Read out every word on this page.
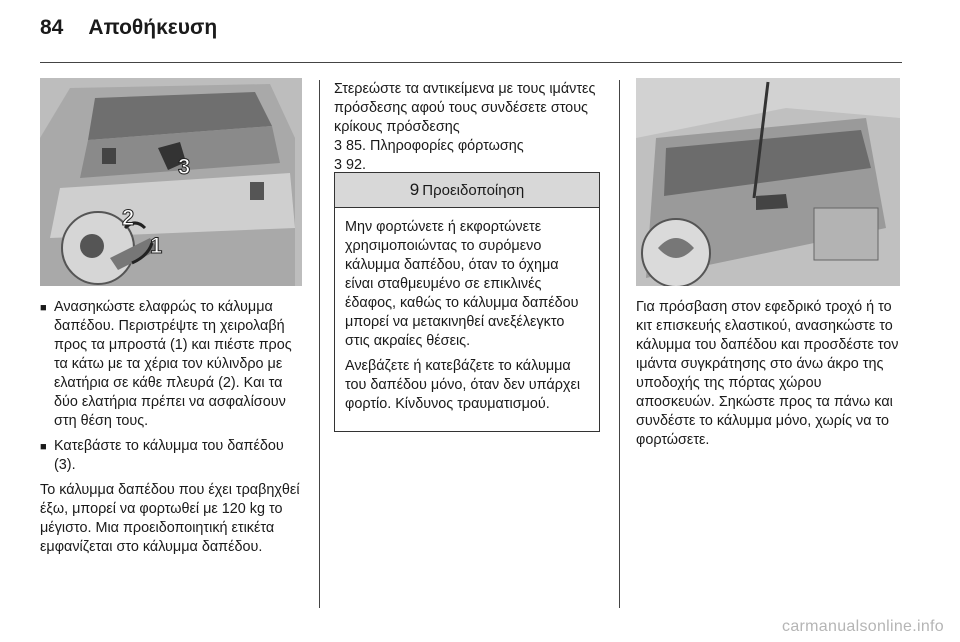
84 Αποθήκευση
3
2
1
■ Ανασηκώστε ελαφρώς το κάλυμμα δαπέδου. Περιστρέψτε τη χειρολαβή προς τα μπροστά (1) και πιέστε προς τα κάτω με τα χέρια τον κύλινδρο με ελατήρια σε κάθε πλευρά (2). Και τα δύο ελατήρια πρέπει να ασφαλίσουν στη θέση τους.
■ Κατεβάστε το κάλυμμα του δαπέδου (3).

Το κάλυμμα δαπέδου που έχει τραβηχθεί έξω, μπορεί να φορτωθεί με 120 kg το μέγιστο. Μια προειδοποιητική ετικέτα εμφανίζεται στο κάλυμμα δαπέδου.

Στερεώστε τα αντικείμενα με τους ιμάντες πρόσδεσης αφού τους συνδέσετε στους κρίκους πρόσδεσης
3 85. Πληροφορίες φόρτωσης
3 92.
9 Προειδοποίηση

Μην φορτώνετε ή εκφορτώνετε χρησιμοποιώντας το συρόμενο κάλυμμα δαπέδου, όταν το όχημα είναι σταθμευμένο σε επικλινές έδαφος, καθώς το κάλυμμα δαπέδου μπορεί να μετακινηθεί ανεξέλεγκτο στις ακραίες θέσεις.

Ανεβάζετε ή κατεβάζετε το κάλυμμα του δαπέδου μόνο, όταν δεν υπάρχει φορτίο. Κίνδυνος τραυματισμού.

Για πρόσβαση στον εφεδρικό τροχό ή το κιτ επισκευής ελαστικού, ανασηκώστε το κάλυμμα του δαπέδου και προσδέστε τον ιμάντα συγκράτησης στο άνω άκρο της υποδοχής της πόρτας χώρου αποσκευών. Σηκώστε προς τα πάνω και συνδέστε το κάλυμμα μόνο, χωρίς να το φορτώσετε.

carmanualsonline.info
